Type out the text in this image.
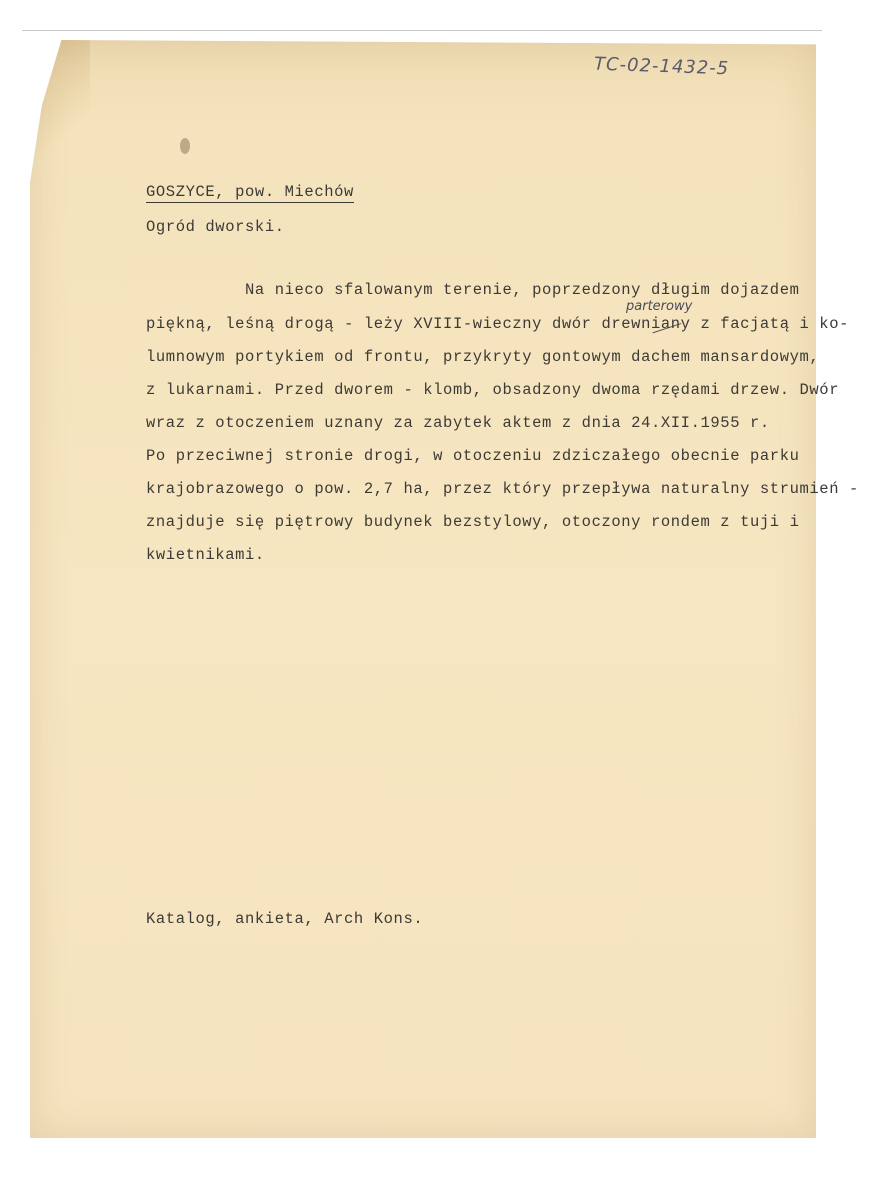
TC-02-1432-5
GOSZYCE, pow. Miechów
Ogród dworski.
parterowy
Na nieco sfalowanym terenie, poprzedzony długim dojazdem
piękną, leśną drogą - leży XVIII-wieczny dwór drewniany z facjatą i ko-
lumnowym portykiem od frontu, przykryty gontowym dachem mansardowym,
z lukarnami. Przed dworem - klomb, obsadzony dwoma rzędami drzew. Dwór
wraz z otoczeniem uznany za zabytek aktem z dnia 24.XII.1955 r.
Po przeciwnej stronie drogi, w otoczeniu zdziczałego obecnie parku
krajobrazowego o pow. 2,7 ha, przez który przepływa naturalny strumień -
znajduje się piętrowy budynek bezstylowy, otoczony rondem z tuji i
kwietnikami.
Katalog, ankieta, Arch Kons.
